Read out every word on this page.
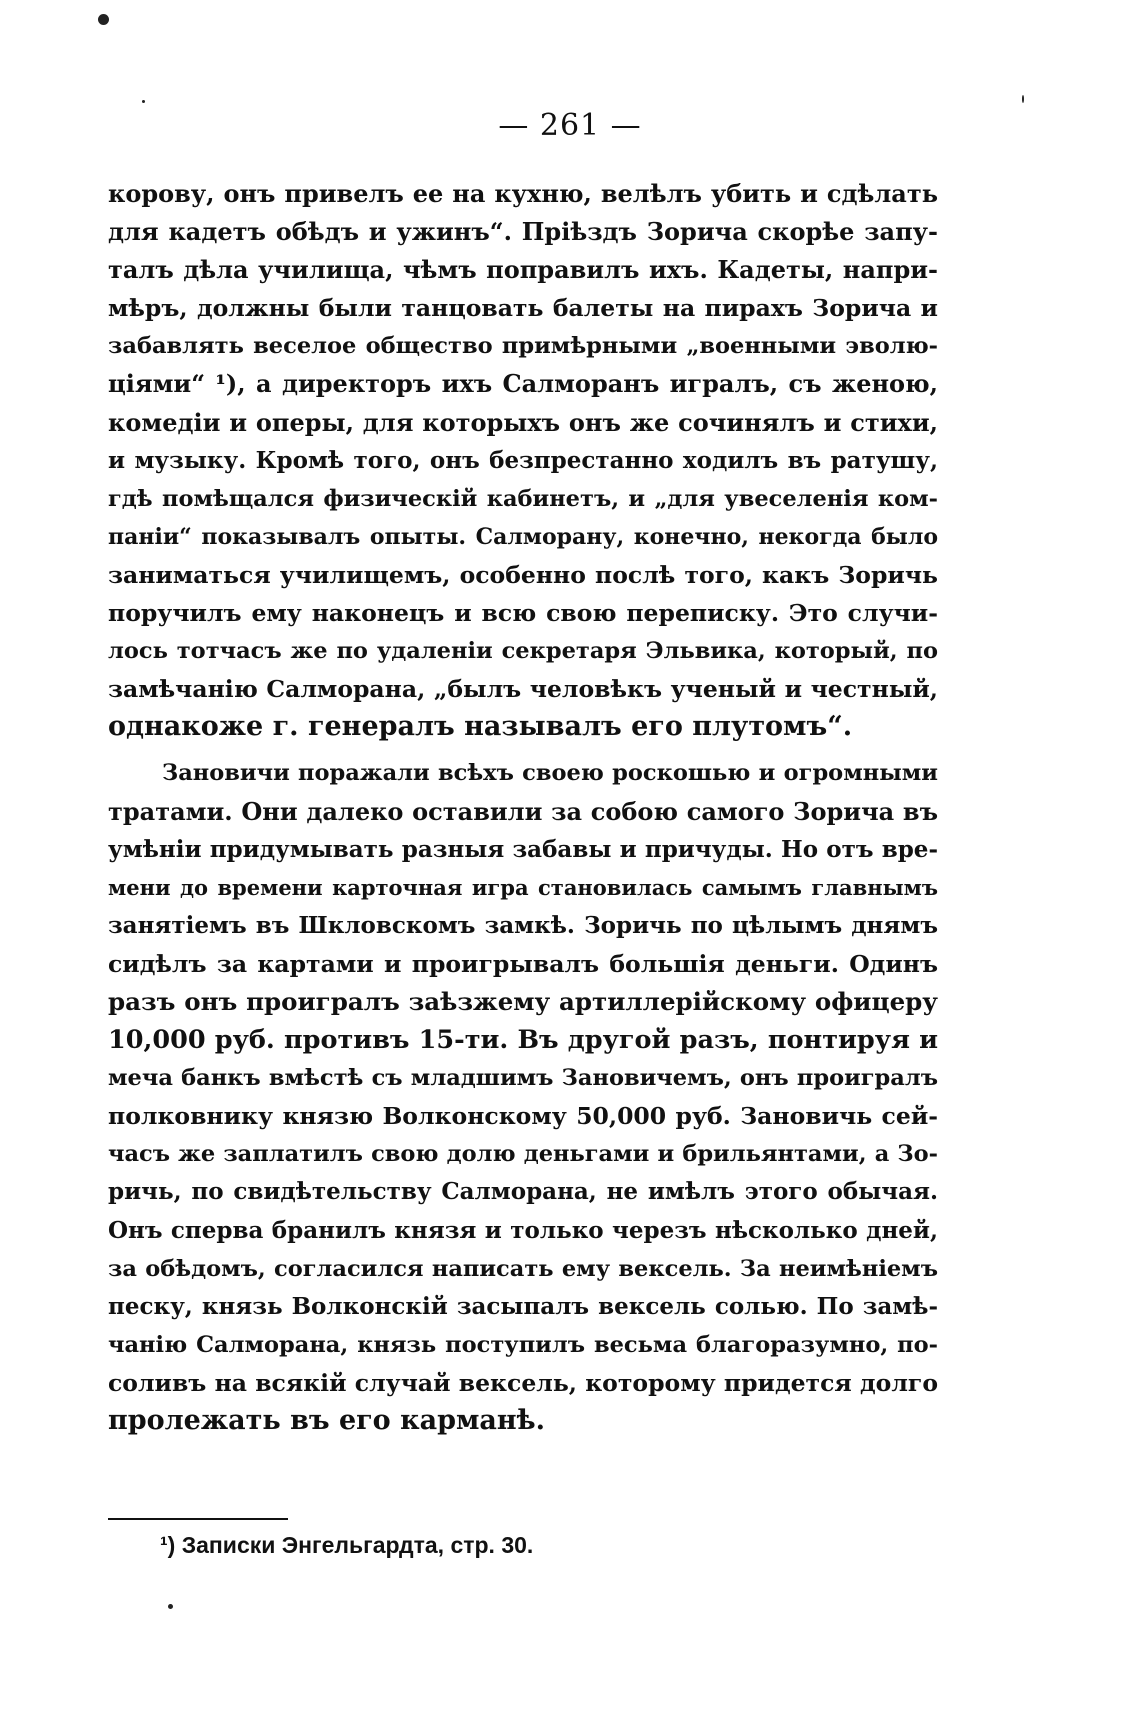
— 261 —
корову, онъ привелъ ее на кухню, велѣлъ убить и сдѣлать
для кадетъ обѣдъ и ужинъ“. Пріѣздъ Зорича скорѣе запу-
талъ дѣла училища, чѣмъ поправилъ ихъ. Кадеты, напри-
мѣръ, должны были танцовать балеты на пирахъ Зорича и
забавлять веселое общество примѣрными „военными эволю-
ціями“ ¹), а директоръ ихъ Салморанъ игралъ, съ женою,
комедіи и оперы, для которыхъ онъ же сочинялъ и стихи,
и музыку. Кромѣ того, онъ безпрестанно ходилъ въ ратушу,
гдѣ помѣщался физическій кабинетъ, и „для увеселенія ком-
паніи“ показывалъ опыты. Салморану, конечно, некогда было
заниматься училищемъ, особенно послѣ того, какъ Зоричь
поручилъ ему наконецъ и всю свою переписку. Это случи-
лось тотчасъ же по удаленіи секретаря Эльвика, который, по
замѣчанію Салморана, „былъ человѣкъ ученый и честный,
однакоже г. генералъ называлъ его плутомъ“.
Зановичи поражали всѣхъ своею роскошью и огромными
тратами. Они далеко оставили за собою самого Зорича въ
умѣніи придумывать разныя забавы и причуды. Но отъ вре-
мени до времени карточная игра становилась самымъ главнымъ
занятіемъ въ Шкловскомъ замкѣ. Зоричь по цѣлымъ днямъ
сидѣлъ за картами и проигрывалъ большія деньги. Одинъ
разъ онъ проигралъ заѣзжему артиллерійскому офицеру
10,000 руб. противъ 15-ти. Въ другой разъ, понтируя и
меча банкъ вмѣстѣ съ младшимъ Зановичемъ, онъ проигралъ
полковнику князю Волконскому 50,000 руб. Зановичь сей-
часъ же заплатилъ свою долю деньгами и брильянтами, а Зо-
ричь, по свидѣтельству Салморана, не имѣлъ этого обычая.
Онъ сперва бранилъ князя и только черезъ нѣсколько дней,
за обѣдомъ, согласился написать ему вексель. За неимѣніемъ
песку, князь Волконскій засыпалъ вексель солью. По замѣ-
чанію Салморана, князь поступилъ весьма благоразумно, по-
соливъ на всякій случай вексель, которому придется долго
пролежать въ его карманѣ.
¹) Записки Энгельгардта, стр. 30.
